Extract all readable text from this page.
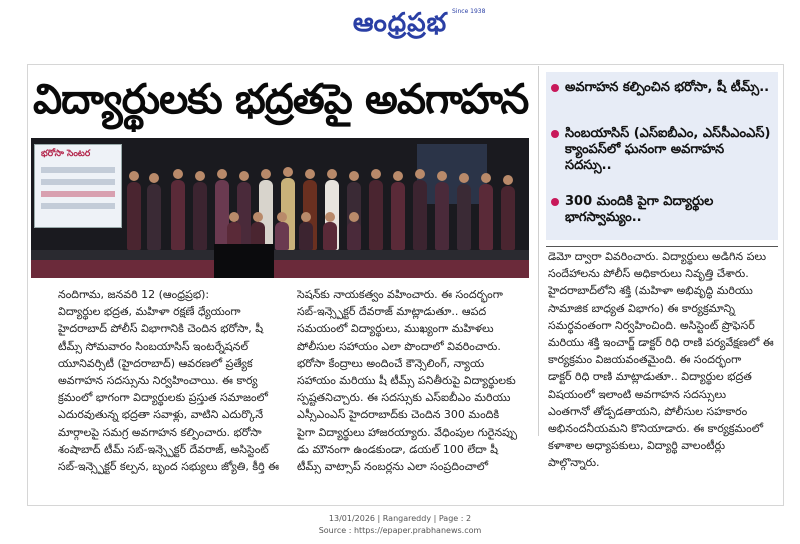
ఆంధ్రప్రభ Since 1938
విద్యార్థులకు భద్రతపై అవగాహన
భరోసా సెంటర
అవగాహన కల్పించిన భరోసా, షీ టీమ్స్..
సింబయాసిస్ (ఎస్‌ఐబీఎం, ఎస్‌సీఎంఎస్) క్యాంపస్‌లో ఘనంగా అవగాహన సదస్సు..
300 మందికి పైగా విద్యార్థుల భాగస్వామ్యం..
నందిగామ, జనవరి 12 (ఆంధ్రప్రభ):
విద్యార్థుల భద్రత, మహిళా రక్షణే ధ్యేయంగా
హైదరాబాద్ పోలీస్ విభాగానికి చెందిన భరోసా, షీ
టీమ్స్ సోమవారం సింబయాసిస్ ఇంటర్నేషనల్
యూనివర్సిటీ (హైదరాబాద్) ఆవరణలో ప్రత్యేక
అవగాహన సదస్సును నిర్వహించాయి. ఈ కార్య
క్రమంలో భాగంగా విద్యార్థులకు ప్రస్తుత సమాజంలో
ఎదురవుతున్న భద్రతా సవాళ్లు, వాటిని ఎదుర్కొనే
మార్గాలపై సమగ్ర అవగాహన కల్పించారు. భరోసా
శంషాబాద్ టీమ్ సబ్-ఇన్స్పెక్టర్ దేవరాజ్, అసిస్టెంట్
సబ్-ఇన్స్పెక్టర్ కల్పన, బృంద సభ్యులు జ్యోతి, కీర్తి ఈ
సెషన్‌కు నాయకత్వం వహించారు. ఈ సందర్భంగా
సబ్-ఇన్స్పెక్టర్ దేవరాజ్ మాట్లాడుతూ.. ఆపద
సమయంలో విద్యార్థులు, ముఖ్యంగా మహిళలు
పోలీసుల సహాయం ఎలా పొందాలో వివరించారు.
భరోసా కేంద్రాలు అందించే కౌన్సెలింగ్, న్యాయ
సహాయం మరియు షీ టీమ్స్ పనితీరుపై విద్యార్థులకు
స్పష్టతనిచ్చారు. ఈ సదస్సుకు ఎస్ఐబీఎం మరియు
ఎస్సీఎంఎస్ హైదరాబాద్‌కు చెందిన 300 మందికి
పైగా విద్యార్థులు హాజరయ్యారు. వేధింపుల గురైనప్పు
డు మౌనంగా ఉండకుండా, డయల్ 100 లేదా షీ
టీమ్స్ వాట్సాప్ నంబర్లను ఎలా సంప్రదించాలో
డెమో ద్వారా వివరించారు. విద్యార్థులు అడిగిన పలు
సందేహాలను పోలీస్ అధికారులు నివృత్తి చేశారు.
హైదరాబాద్‌లోని శక్తి (మహిళా అభివృద్ధి మరియు
సామాజిక బాధ్యత విభాగం) ఈ కార్యక్రమాన్ని
సమర్థవంతంగా నిర్వహించింది. అసిస్టెంట్ ప్రొఫెసర్
మరియు శక్తి ఇంచార్జ్ డాక్టర్ రిధి రాణి పర్యవేక్షణలో ఈ
కార్యక్రమం విజయవంతమైంది. ఈ సందర్భంగా
డాక్టర్ రిధి రాణి మాట్లాడుతూ.. విద్యార్థుల భద్రత
విషయంలో ఇలాంటి అవగాహన సదస్సులు
ఎంతగానో తోడ్పడతాయని, పోలీసుల సహకారం
అభినందనీయమని కొనియాడారు. ఈ కార్యక్రమంలో
కళాశాల అధ్యాపకులు, విద్యార్థి వాలంటీర్లు
పాల్గొన్నారు.
13/01/2026 | Rangareddy | Page : 2
Source : https://epaper.prabhanews.com
